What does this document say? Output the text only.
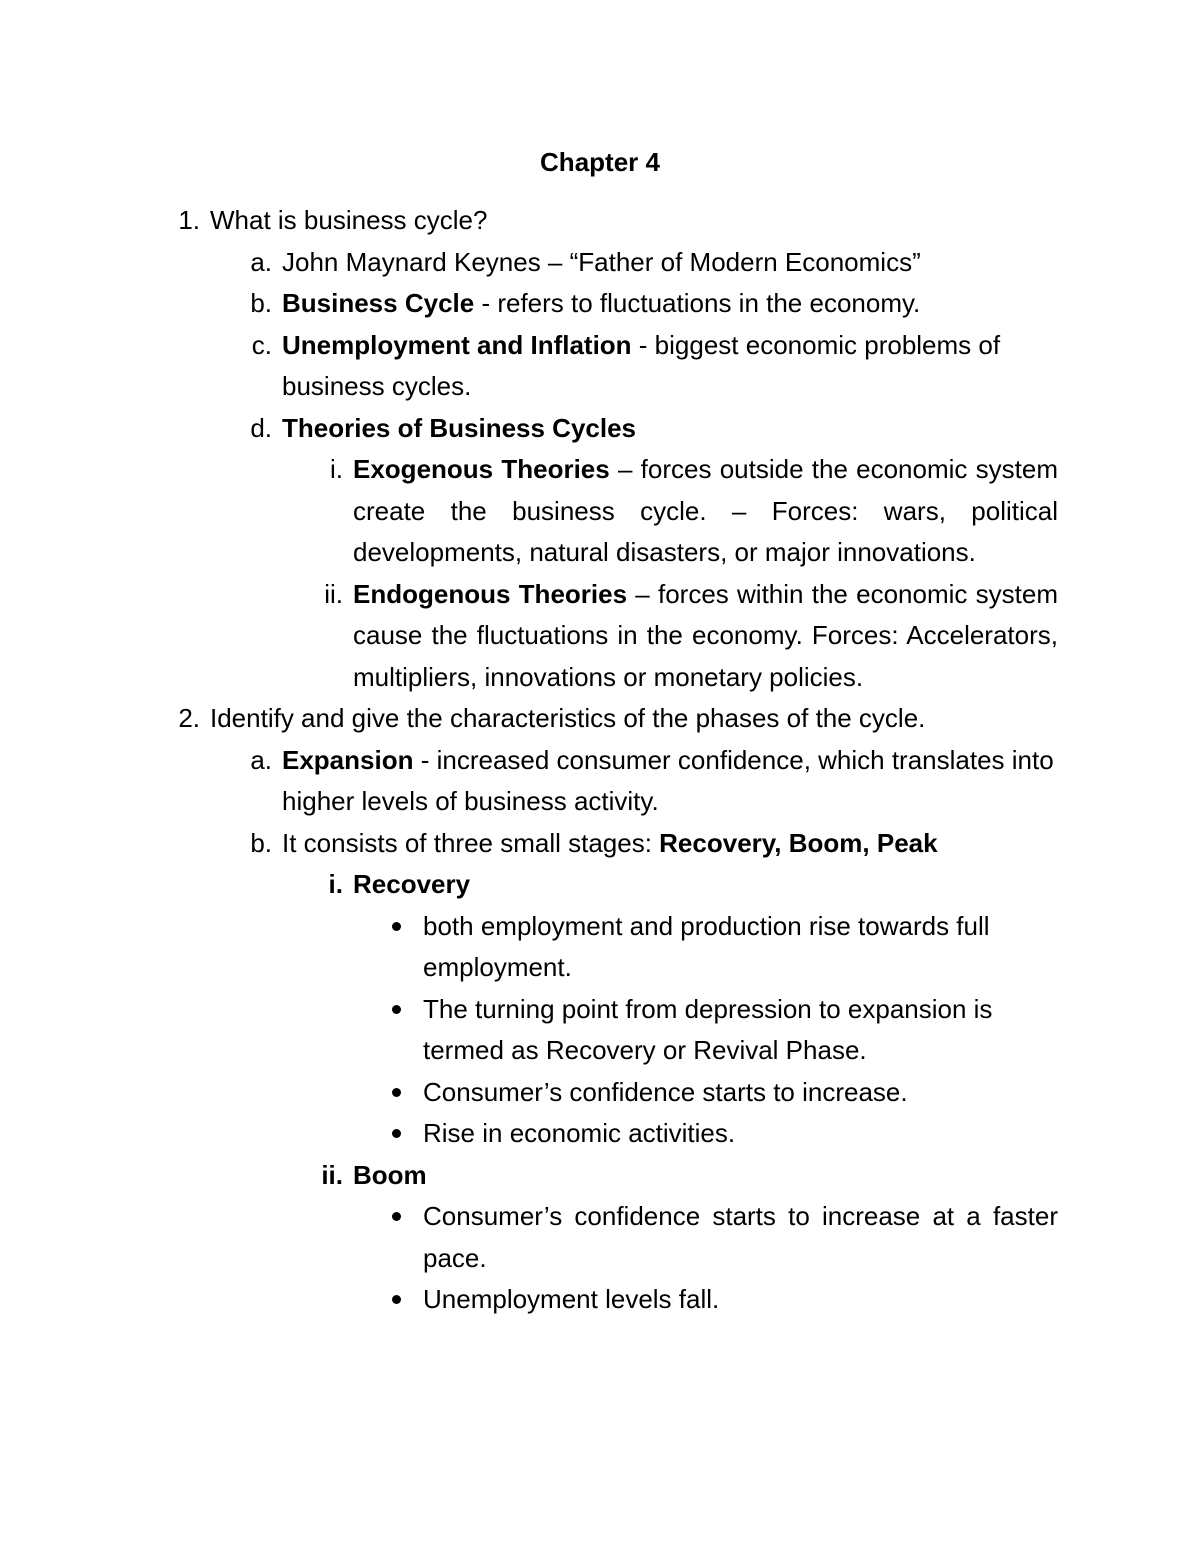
Chapter 4
1. What is business cycle?
a. John Maynard Keynes – “Father of Modern Economics”
b. Business Cycle - refers to fluctuations in the economy.
c. Unemployment and Inflation - biggest economic problems of business cycles.
d. Theories of Business Cycles
i. Exogenous Theories – forces outside the economic system create the business cycle. – Forces: wars, political developments, natural disasters, or major innovations.
ii. Endogenous Theories – forces within the economic system cause the fluctuations in the economy. Forces: Accelerators, multipliers, innovations or monetary policies.
2. Identify and give the characteristics of the phases of the cycle.
a. Expansion - increased consumer confidence, which translates into higher levels of business activity.
b. It consists of three small stages: Recovery, Boom, Peak
i. Recovery
both employment and production rise towards full employment.
The turning point from depression to expansion is termed as Recovery or Revival Phase.
Consumer’s confidence starts to increase.
Rise in economic activities.
ii. Boom
Consumer’s confidence starts to increase at a faster pace.
Unemployment levels fall.
